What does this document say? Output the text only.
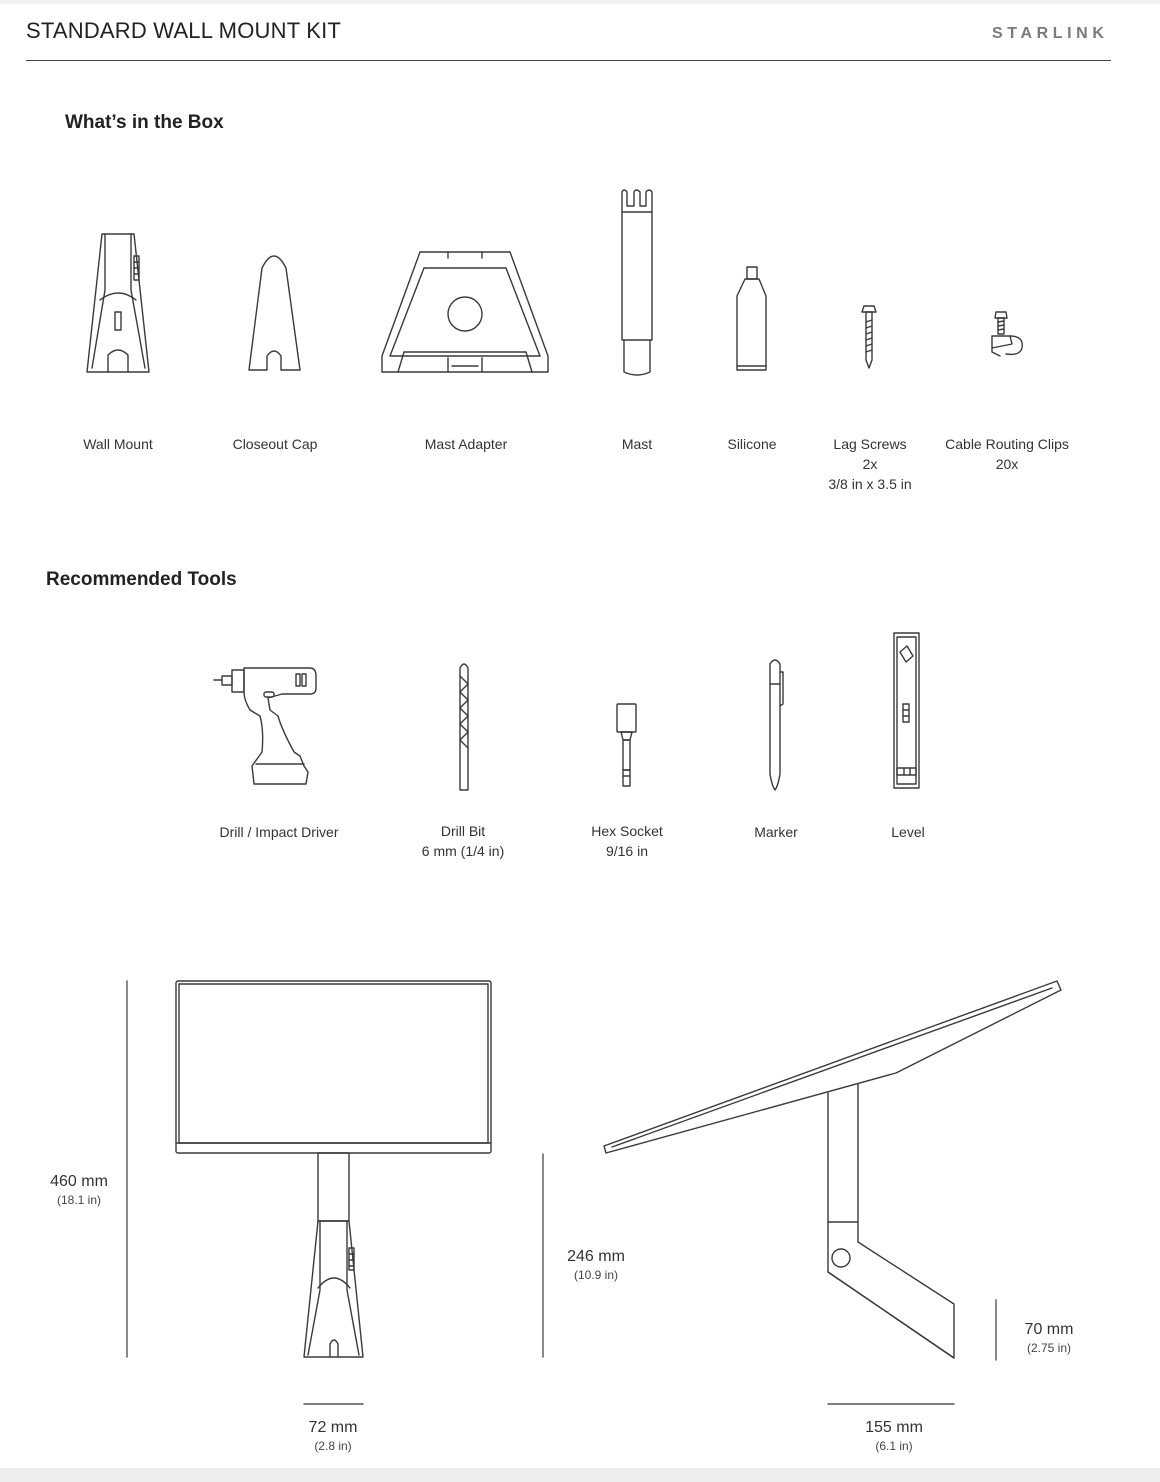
STANDARD WALL MOUNT KIT	STARLINK
What’s in the Box
Recommended Tools
Wall Mount	Closeout Cap	Mast Adapter	Mast	Silicone	Lag Screws
2x
3/8 in x 3.5 in
Cable Routing Clips
20x
Drill / Impact Driver	Drill Bit
6 mm (1/4 in)
Hex Socket
9/16 in
Marker	Level
460 mm
(18.1 in)
72 mm
(2.8 in)
246 mm
(10.9 in)
70 mm
(2.75 in)
155 mm
(6.1 in)
